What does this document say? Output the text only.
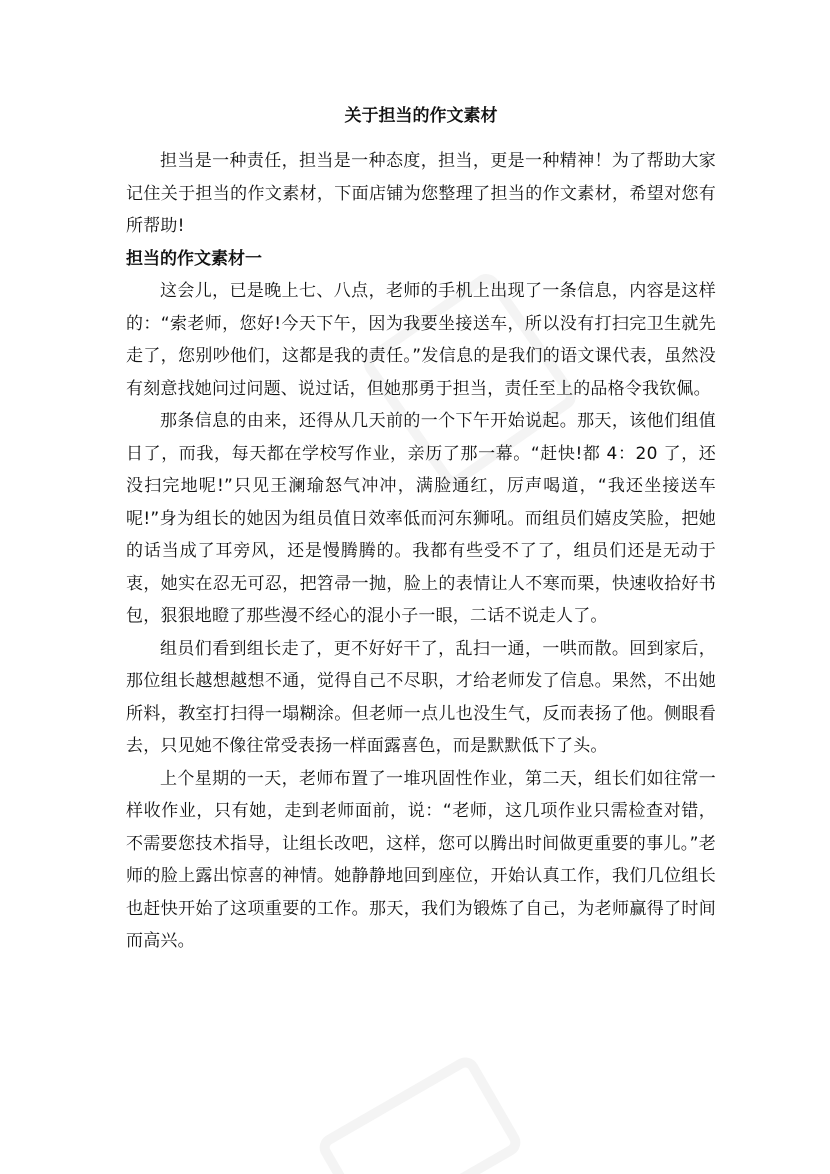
关于担当的作文素材

担当是一种责任，担当是一种态度，担当，更是一种精神！为了帮助大家记住关于担当的作文素材，下面店铺为您整理了担当的作文素材，希望对您有所帮助!

担当的作文素材一

这会儿，已是晚上七、八点，老师的手机上出现了一条信息，内容是这样的：“索老师，您好!今天下午，因为我要坐接送车，所以没有打扫完卫生就先走了，您别吵他们，这都是我的责任。”发信息的是我们的语文课代表，虽然没有刻意找她问过问题、说过话，但她那勇于担当，责任至上的品格令我钦佩。

那条信息的由来，还得从几天前的一个下午开始说起。那天，该他们组值日了，而我，每天都在学校写作业，亲历了那一幕。“赶快!都 4：20 了，还没扫完地呢!”只见王澜瑜怒气冲冲，满脸通红，厉声喝道，“我还坐接送车呢!”身为组长的她因为组员值日效率低而河东狮吼。而组员们嬉皮笑脸，把她的话当成了耳旁风，还是慢腾腾的。我都有些受不了了，组员们还是无动于衷，她实在忍无可忍，把笤帚一抛，脸上的表情让人不寒而栗，快速收拾好书包，狠狠地瞪了那些漫不经心的混小子一眼，二话不说走人了。

组员们看到组长走了，更不好好干了，乱扫一通，一哄而散。回到家后，那位组长越想越想不通，觉得自己不尽职，才给老师发了信息。果然，不出她所料，教室打扫得一塌糊涂。但老师一点儿也没生气，反而表扬了他。侧眼看去，只见她不像往常受表扬一样面露喜色，而是默默低下了头。

上个星期的一天，老师布置了一堆巩固性作业，第二天，组长们如往常一样收作业，只有她，走到老师面前，说：“老师，这几项作业只需检查对错，不需要您技术指导，让组长改吧，这样，您可以腾出时间做更重要的事儿。”老师的脸上露出惊喜的神情。她静静地回到座位，开始认真工作，我们几位组长也赶快开始了这项重要的工作。那天，我们为锻炼了自己，为老师赢得了时间而高兴。
